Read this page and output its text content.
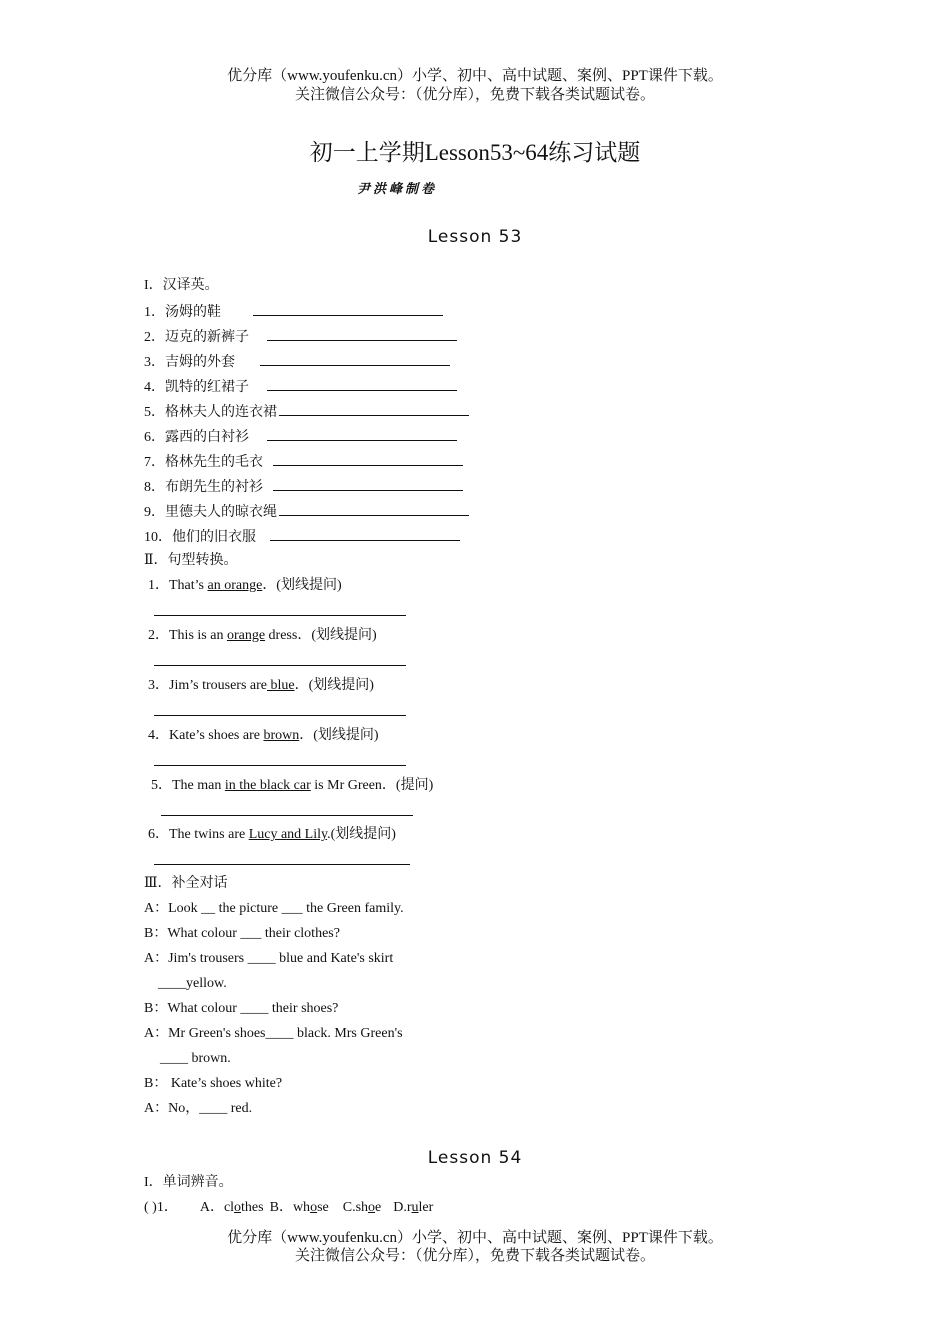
优分库（www.youfenku.cn）小学、初中、高中试题、案例、PPT课件下载。
关注微信公众号：（优分库），免费下载各类试题试卷。
初一上学期Lesson53~64练习试题
尹洪峰制卷
Lesson 53
I．汉译英。
1．汤姆的鞋
2．迈克的新裤子
3．吉姆的外套
4．凯特的红裙子
5．格林夫人的连衣裙
6．露西的白衬衫
7．格林先生的毛衣
8．布朗先生的衬衫
9．里德夫人的晾衣绳
10．他们的旧衣服
Ⅱ．句型转换。
1．That’s an orange．(划线提问)
2．This is an orange dress．(划线提问)
3．Jim’s trousers are blue．(划线提问)
4．Kate’s shoes are brown．(划线提问)
5．The man in the black car is Mr Green．(提问)
6．The twins are Lucy and Lily.(划线提问)
Ⅲ．补全对话
A：Look __ the picture ___ the Green family.
B：What colour ___ their clothes?
A：Jim's trousers ____ blue and Kate's skirt
____yellow.
B：What colour ____ their shoes?
A：Mr Green's shoes____ black. Mrs Green's
____ brown.
B： Kate’s shoes white?
A：No，____ red.
Lesson 54
I．单词辨音。
( )1． A．clothes B．whose C.shoe D.ruler
优分库（www.youfenku.cn）小学、初中、高中试题、案例、PPT课件下载。
关注微信公众号：（优分库），免费下载各类试题试卷。
